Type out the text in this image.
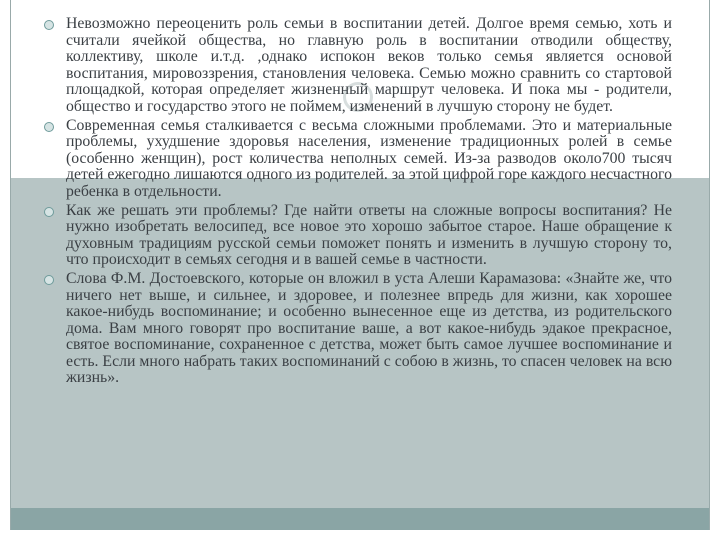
Невозможно переоценить роль семьи в воспитании детей. Долгое время семью, хоть и считали ячейкой общества, но главную роль в воспитании отводили обществу, коллективу, школе и.т.д. ,однако испокон веков только семья является основой воспитания, мировоззрения, становления человека. Семью можно сравнить со стартовой площадкой, которая определяет жизненный маршрут человека. И пока мы - родители, общество и государство этого не поймем, изменений в лучшую сторону не будет.
Современная семья сталкивается с весьма сложными проблемами. Это и материальные проблемы, ухудшение здоровья населения, изменение традиционных ролей в семье (особенно женщин), рост количества неполных семей. Из-за разводов около700 тысяч детей ежегодно лишаются одного из родителей. за этой цифрой горе каждого несчастного ребенка в отдельности.
Как же решать эти проблемы? Где найти ответы на сложные вопросы воспитания? Не нужно изобретать велосипед, все новое это хорошо забытое старое. Наше обращение к духовным традициям русской семьи поможет понять и изменить в лучшую сторону то, что происходит в семьях сегодня и в вашей семье в частности.
Слова Ф.М. Достоевского, которые он вложил в уста Алеши Карамазова: «Знайте же, что ничего нет выше, и сильнее, и здоровее, и полезнее впредь для жизни, как хорошее какое-нибудь воспоминание; и особенно вынесенное еще из детства, из родительского дома. Вам много говорят про воспитание ваше, а вот какое-нибудь эдакое прекрасное, святое воспоминание, сохраненное с детства, может быть самое лучшее воспоминание и есть. Если много набрать таких воспоминаний с собою в жизнь, то спасен человек на всю жизнь».
